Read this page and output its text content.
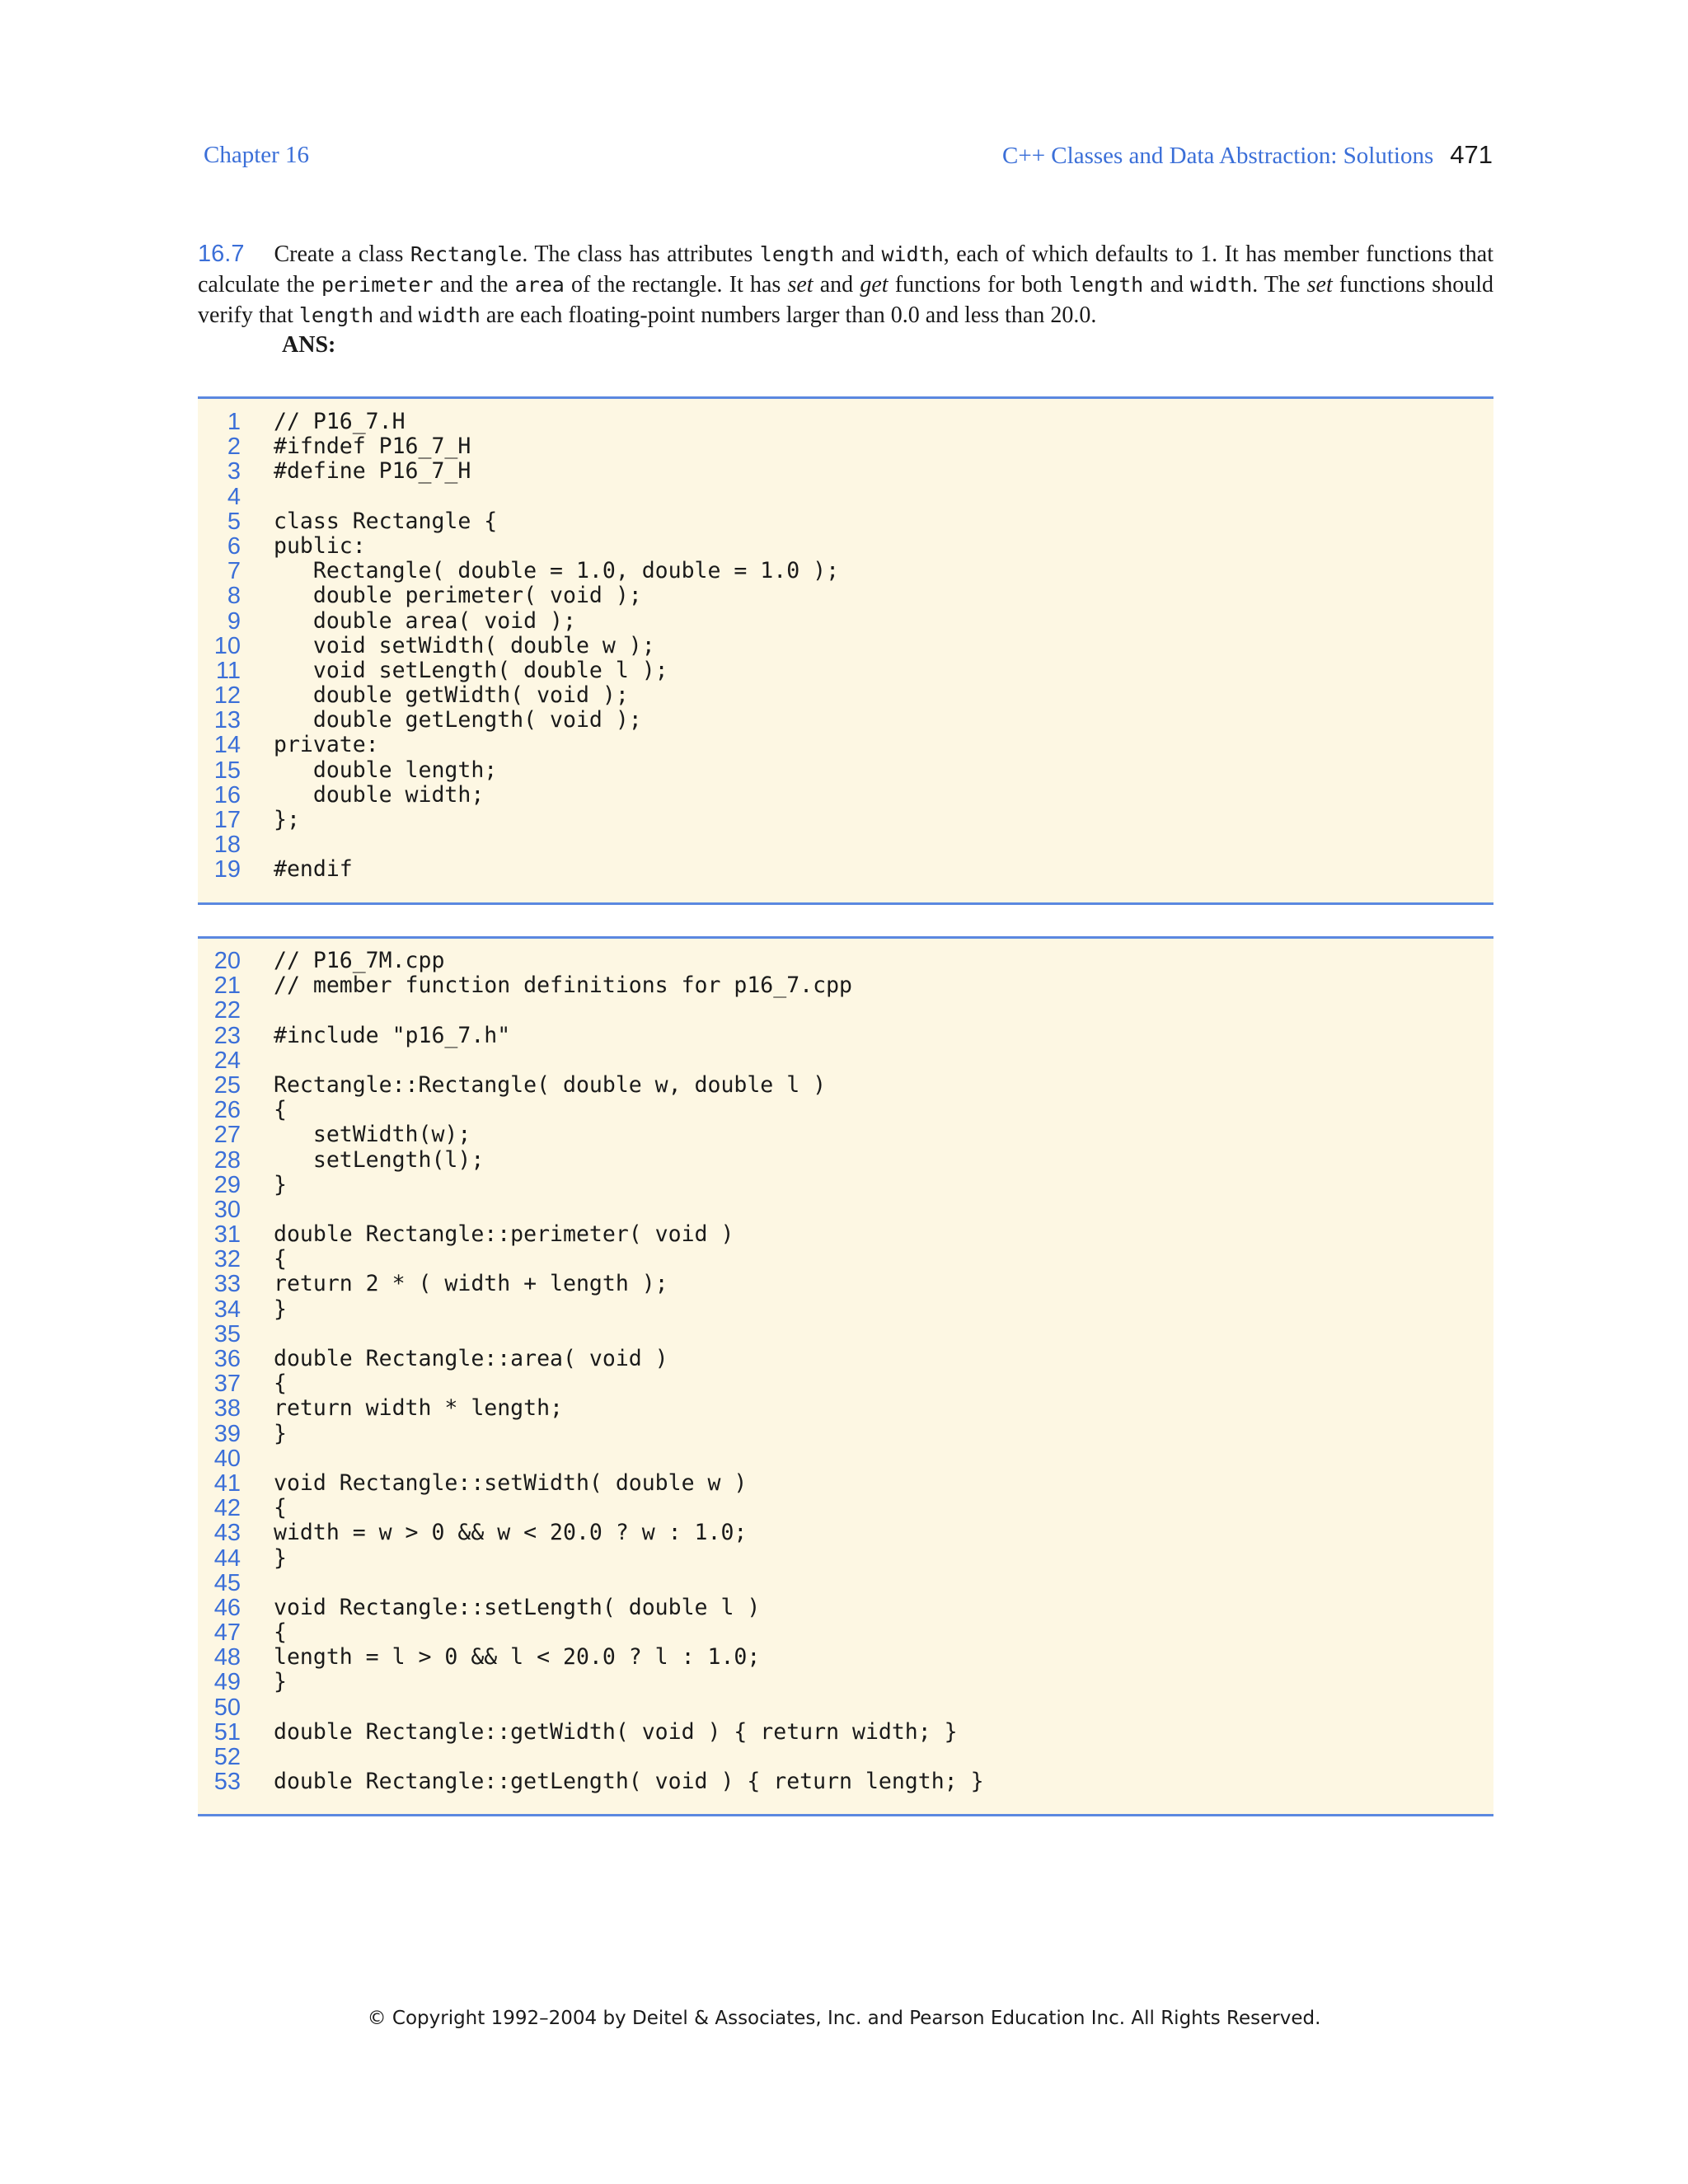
Chapter 16	C++ Classes and Data Abstraction: Solutions 471
16.7 Create a class Rectangle. The class has attributes length and width, each of which defaults to 1. It has member functions that calculate the perimeter and the area of the rectangle. It has set and get functions for both length and width. The set functions should verify that length and width are each floating-point numbers larger than 0.0 and less than 20.0.
ANS:
1 // P16_7.H
2 #ifndef P16_7_H
3 #define P16_7_H
4
5 class Rectangle {
6 public:
7 Rectangle( double = 1.0, double = 1.0 );
8 double perimeter( void );
9 double area( void );
10 void setWidth( double w );
11 void setLength( double l );
12 double getWidth( void );
13 double getLength( void );
14 private:
15 double length;
16 double width;
17 };
18
19 #endif
20 // P16_7M.cpp
21 // member function definitions for p16_7.cpp
22
23 #include "p16_7.h"
24
25 Rectangle::Rectangle( double w, double l )
26 {
27 setWidth(w);
28 setLength(l);
29 }
30
31 double Rectangle::perimeter( void )
32 {
33 return 2 * ( width + length );
34 }
35
36 double Rectangle::area( void )
37 {
38 return width * length;
39 }
40
41 void Rectangle::setWidth( double w )
42 {
43 width = w > 0 && w < 20.0 ? w : 1.0;
44 }
45
46 void Rectangle::setLength( double l )
47 {
48 length = l > 0 && l < 20.0 ? l : 1.0;
49 }
50
51 double Rectangle::getWidth( void ) { return width; }
52
53 double Rectangle::getLength( void ) { return length; }
© Copyright 1992–2004 by Deitel & Associates, Inc. and Pearson Education Inc. All Rights Reserved.
